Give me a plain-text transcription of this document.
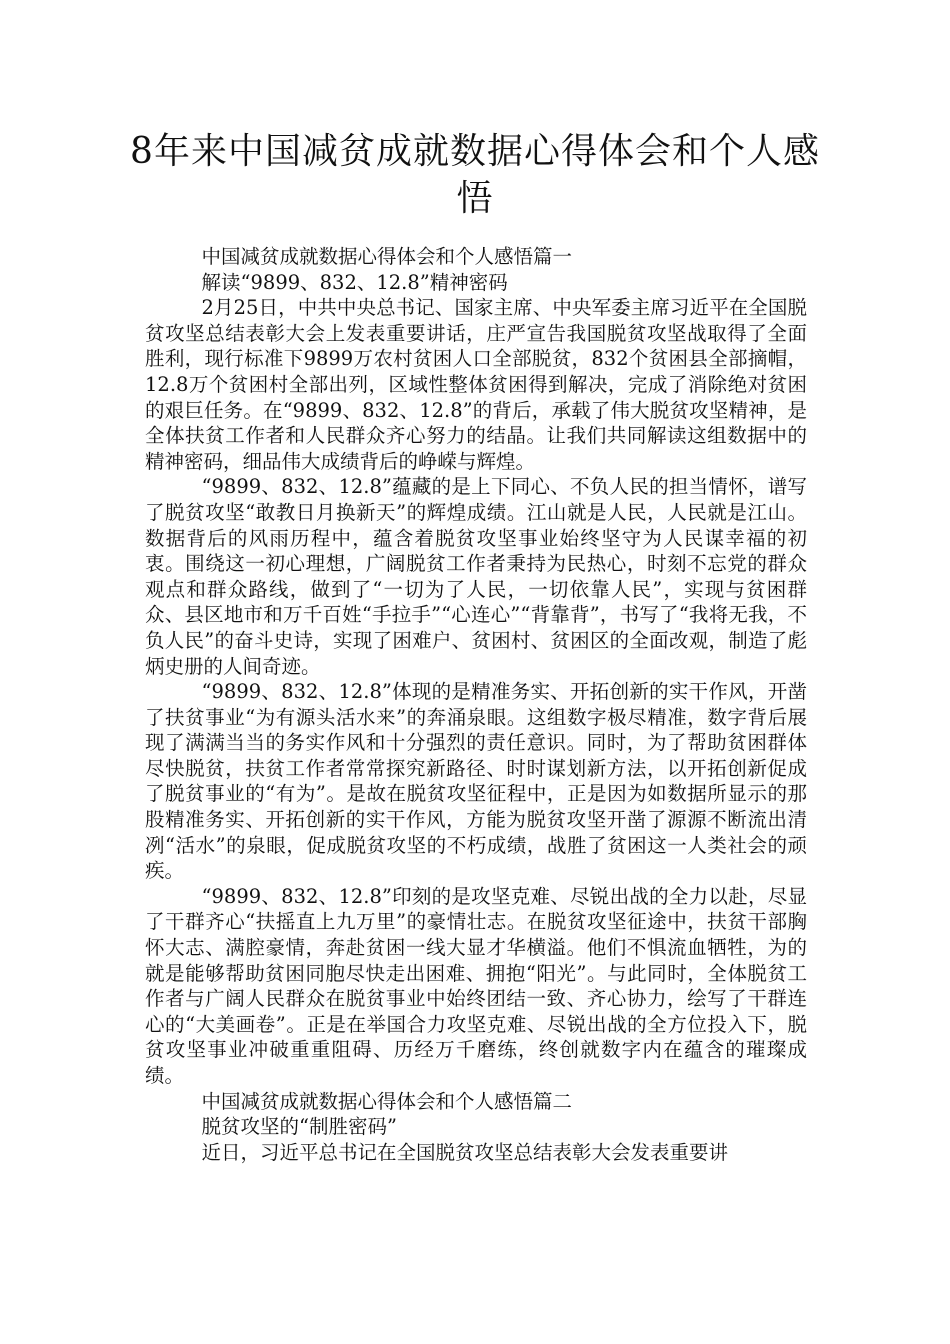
8年来中国减贫成就数据心得体会和个人感悟

中国减贫成就数据心得体会和个人感悟篇一

解读“9899、832、12.8”精神密码

2月25日，中共中央总书记、国家主席、中央军委主席习近平在全国脱贫攻坚总结表彰大会上发表重要讲话，庄严宣告我国脱贫攻坚战取得了全面胜利，现行标准下9899万农村贫困人口全部脱贫，832个贫困县全部摘帽，12.8万个贫困村全部出列，区域性整体贫困得到解决，完成了消除绝对贫困的艰巨任务。在“9899、832、12.8”的背后，承载了伟大脱贫攻坚精神，是全体扶贫工作者和人民群众齐心努力的结晶。让我们共同解读这组数据中的精神密码，细品伟大成绩背后的峥嵘与辉煌。

“9899、832、12.8”蕴藏的是上下同心、不负人民的担当情怀，谱写了脱贫攻坚“敢教日月换新天”的辉煌成绩。江山就是人民，人民就是江山。数据背后的风雨历程中，蕴含着脱贫攻坚事业始终坚守为人民谋幸福的初衷。围绕这一初心理想，广阔脱贫工作者秉持为民热心，时刻不忘党的群众观点和群众路线，做到了“一切为了人民，一切依靠人民”，实现与贫困群众、县区地市和万千百姓“手拉手”“心连心”“背靠背”，书写了“我将无我，不负人民”的奋斗史诗，实现了困难户、贫困村、贫困区的全面改观，制造了彪炳史册的人间奇迹。

“9899、832、12.8”体现的是精准务实、开拓创新的实干作风，开凿了扶贫事业“为有源头活水来”的奔涌泉眼。这组数字极尽精准，数字背后展现了满满当当的务实作风和十分强烈的责任意识。同时，为了帮助贫困群体尽快脱贫，扶贫工作者常常探究新路径、时时谋划新方法，以开拓创新促成了脱贫事业的“有为”。是故在脱贫攻坚征程中，正是因为如数据所显示的那股精准务实、开拓创新的实干作风，方能为脱贫攻坚开凿了源源不断流出清冽“活水”的泉眼，促成脱贫攻坚的不朽成绩，战胜了贫困这一人类社会的顽疾。

“9899、832、12.8”印刻的是攻坚克难、尽锐出战的全力以赴，尽显了干群齐心“扶摇直上九万里”的豪情壮志。在脱贫攻坚征途中，扶贫干部胸怀大志、满腔豪情，奔赴贫困一线大显才华横溢。他们不惧流血牺牲，为的就是能够帮助贫困同胞尽快走出困难、拥抱“阳光”。与此同时，全体脱贫工作者与广阔人民群众在脱贫事业中始终团结一致、齐心协力，绘写了干群连心的“大美画卷”。正是在举国合力攻坚克难、尽锐出战的全方位投入下，脱贫攻坚事业冲破重重阻碍、历经万千磨练，终创就数字内在蕴含的璀璨成绩。

中国减贫成就数据心得体会和个人感悟篇二

脱贫攻坚的“制胜密码”

近日，习近平总书记在全国脱贫攻坚总结表彰大会发表重要讲
